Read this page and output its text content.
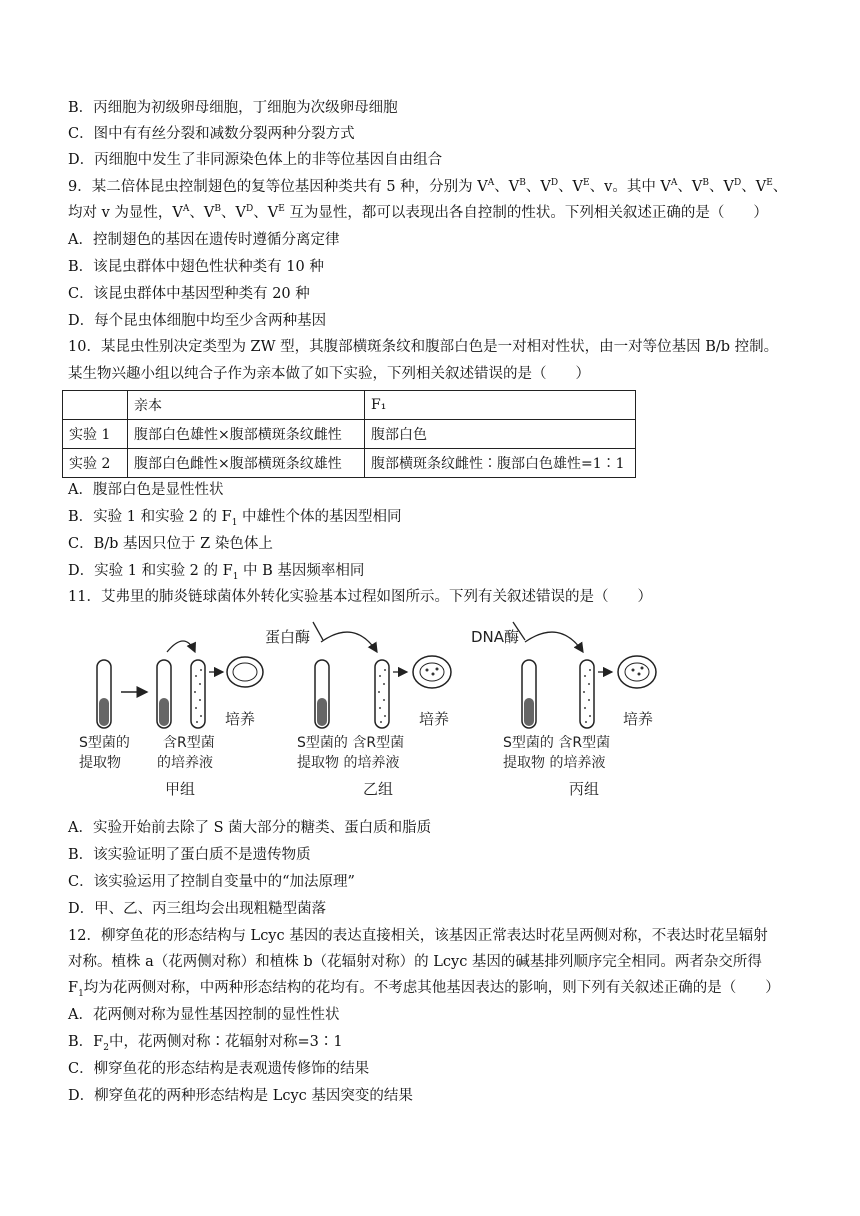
B．丙细胞为初级卵母细胞，丁细胞为次级卵母细胞
C．图中有有丝分裂和减数分裂两种分裂方式
D．丙细胞中发生了非同源染色体上的非等位基因自由组合
9．某二倍体昆虫控制翅色的复等位基因种类共有 5 种，分别为 $V^A$、$V^B$、$V^D$、$V^E$、v。其中 $V^A$、$V^B$、$V^D$、$V^E$、
均对 v 为显性，$V^A$、$V^B$、$V^D$、$V^E$ 互为显性，都可以表现出各自控制的性状。下列相关叙述正确的是（　　）
A．控制翅色的基因在遗传时遵循分离定律
B．该昆虫群体中翅色性状种类有 10 种
C．该昆虫群体中基因型种类有 20 种
D．每个昆虫体细胞中均至少含两种基因
10．某昆虫性别决定类型为 ZW 型，其腹部横斑条纹和腹部白色是一对相对性状，由一对等位基因 B/b 控制。
某生物兴趣小组以纯合子作为亲本做了如下实验，下列相关叙述错误的是（　　）
	亲本	F₁
实验 1	腹部白色雄性×腹部横斑条纹雌性	腹部白色
实验 2	腹部白色雌性×腹部横斑条纹雄性	腹部横斑条纹雌性∶腹部白色雄性=1∶1
A．腹部白色是显性性状
B．实验 1 和实验 2 的 $F_1$ 中雄性个体的基因型相同
C．B/b 基因只位于 Z 染色体上
D．实验 1 和实验 2 的 $F_1$ 中 B 基因频率相同
11．艾弗里的肺炎链球菌体外转化实验基本过程如图所示。下列有关叙述错误的是（　　）
培养
S型菌的
提取物
含R型菌
的培养液
甲组
蛋白酶
培养
S型菌的 含R型菌
提取物 的培养液
乙组
DNA酶
培养
S型菌的 含R型菌
提取物 的培养液
丙组
A．实验开始前去除了 S 菌大部分的糖类、蛋白质和脂质
B．该实验证明了蛋白质不是遗传物质
C．该实验运用了控制自变量中的“加法原理”
D．甲、乙、丙三组均会出现粗糙型菌落
12．柳穿鱼花的形态结构与 Lcyc 基因的表达直接相关，该基因正常表达时花呈两侧对称，不表达时花呈辐射
对称。植株 a（花两侧对称）和植株 b（花辐射对称）的 Lcyc 基因的碱基排列顺序完全相同。两者杂交所得
$F_1$均为花两侧对称，中两种形态结构的花均有。不考虑其他基因表达的影响，则下列有关叙述正确的是（　　）
A．花两侧对称为显性基因控制的显性性状
B．$F_2$中，花两侧对称∶花辐射对称=3∶1
C．柳穿鱼花的形态结构是表观遗传修饰的结果
D．柳穿鱼花的两种形态结构是 Lcyc 基因突变的结果
